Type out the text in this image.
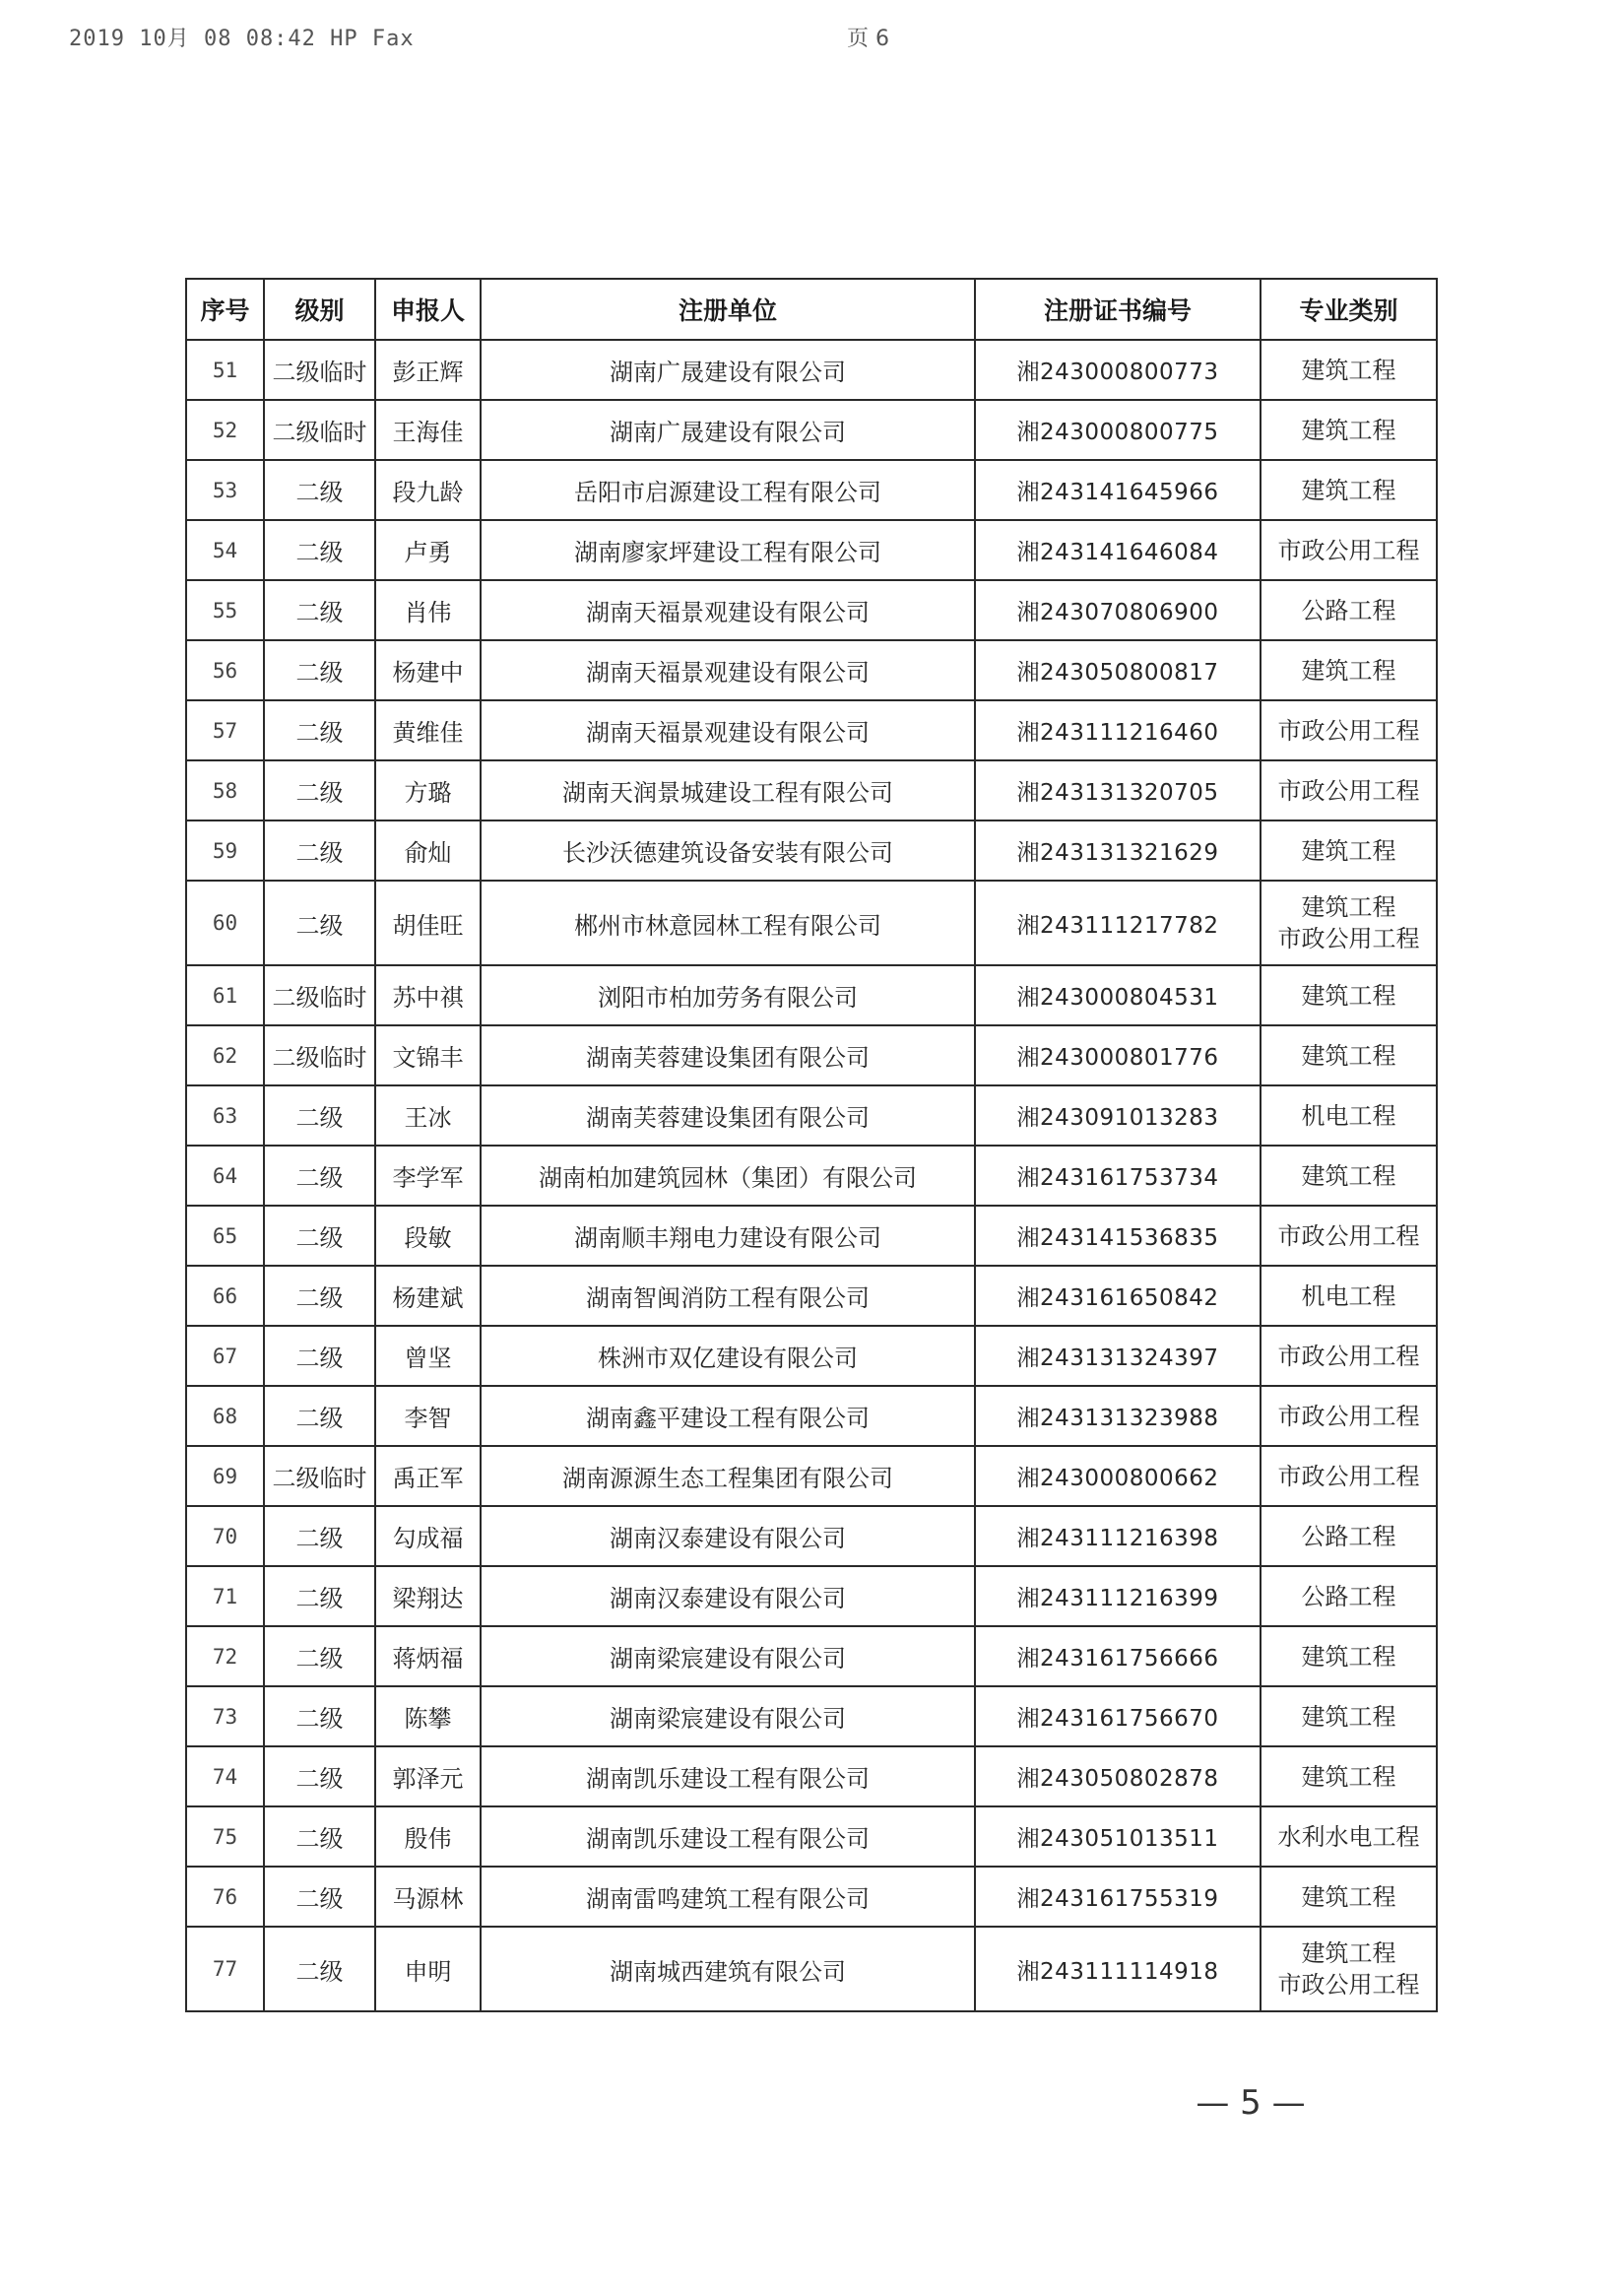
2019 10月 08 08:42 HP Fax	页 6
序号	级别	申报人	注册单位	注册证书编号	专业类别
51	二级临时	彭正辉	湖南广晟建设有限公司	湘243000800773	建筑工程

52	二级临时	王海佳	湖南广晟建设有限公司	湘243000800775	建筑工程

53	二级	段九龄	岳阳市启源建设工程有限公司	湘243141645966	建筑工程

54	二级	卢勇	湖南廖家坪建设工程有限公司	湘243141646084	市政公用工程

55	二级	肖伟	湖南天福景观建设有限公司	湘243070806900	公路工程

56	二级	杨建中	湖南天福景观建设有限公司	湘243050800817	建筑工程

57	二级	黄维佳	湖南天福景观建设有限公司	湘243111216460	市政公用工程

58	二级	方璐	湖南天润景城建设工程有限公司	湘243131320705	市政公用工程

59	二级	俞灿	长沙沃德建筑设备安装有限公司	湘243131321629	建筑工程

60	二级	胡佳旺	郴州市林意园林工程有限公司	湘243111217782	建筑工程
市政公用工程

61	二级临时	苏中祺	浏阳市柏加劳务有限公司	湘243000804531	建筑工程

62	二级临时	文锦丰	湖南芙蓉建设集团有限公司	湘243000801776	建筑工程

63	二级	王冰	湖南芙蓉建设集团有限公司	湘243091013283	机电工程

64	二级	李学军	湖南柏加建筑园林（集团）有限公司	湘243161753734	建筑工程

65	二级	段敏	湖南顺丰翔电力建设有限公司	湘243141536835	市政公用工程

66	二级	杨建斌	湖南智闽消防工程有限公司	湘243161650842	机电工程

67	二级	曾坚	株洲市双亿建设有限公司	湘243131324397	市政公用工程

68	二级	李智	湖南鑫平建设工程有限公司	湘243131323988	市政公用工程

69	二级临时	禹正军	湖南源源生态工程集团有限公司	湘243000800662	市政公用工程

70	二级	勾成福	湖南汉泰建设有限公司	湘243111216398	公路工程

71	二级	梁翔达	湖南汉泰建设有限公司	湘243111216399	公路工程

72	二级	蒋炳福	湖南梁宸建设有限公司	湘243161756666	建筑工程

73	二级	陈攀	湖南梁宸建设有限公司	湘243161756670	建筑工程

74	二级	郭泽元	湖南凯乐建设工程有限公司	湘243050802878	建筑工程

75	二级	殷伟	湖南凯乐建设工程有限公司	湘243051013511	水利水电工程

76	二级	马源林	湖南雷鸣建筑工程有限公司	湘243161755319	建筑工程

77	二级	申明	湖南城西建筑有限公司	湘243111114918	建筑工程
市政公用工程
— 5 —
